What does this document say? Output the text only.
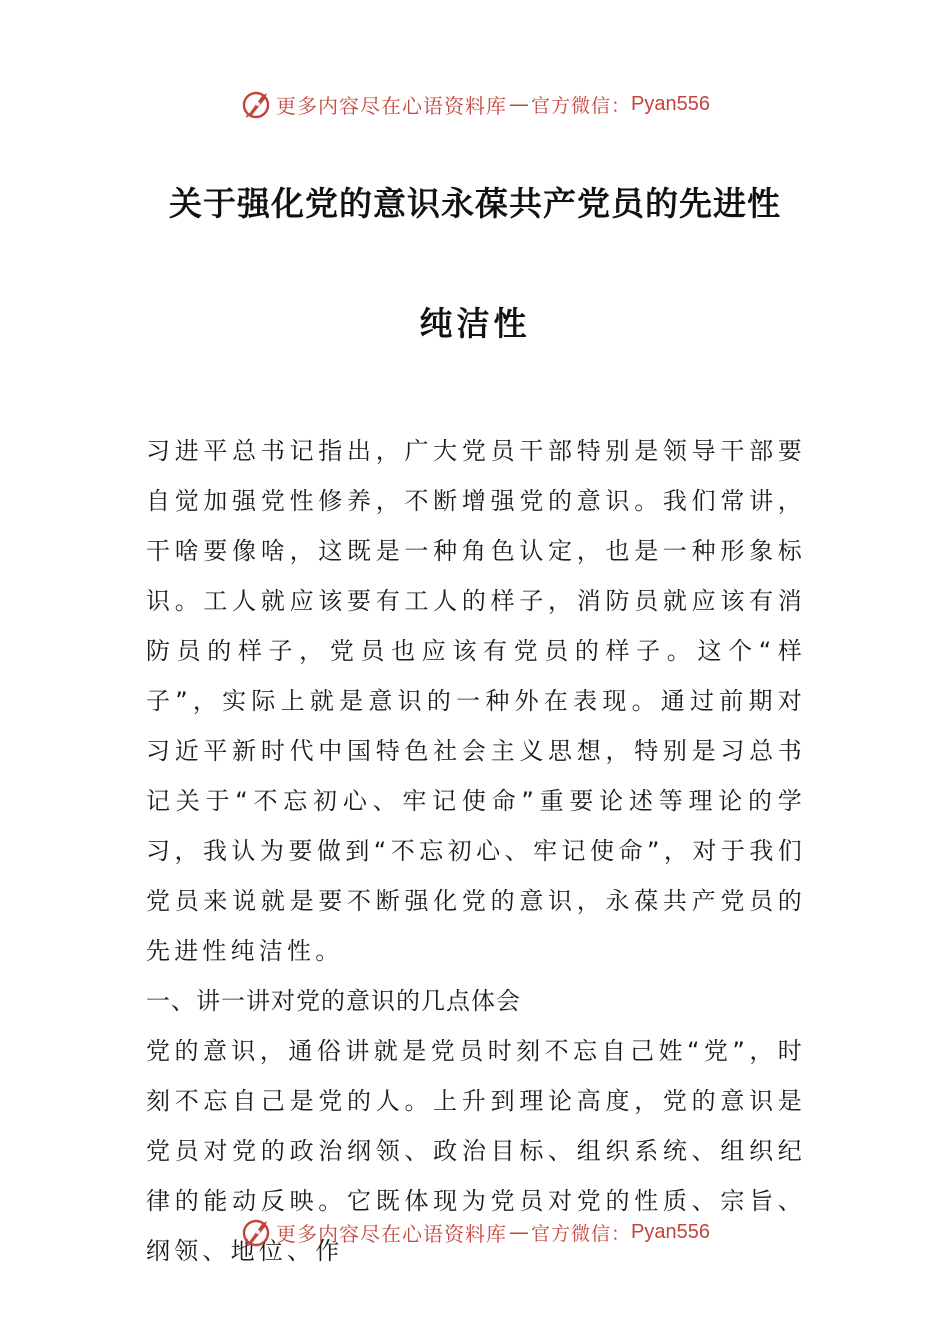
更多内容尽在心语资料库 — 官方微信： Pyan556
关于强化党的意识永葆共产党员的先进性
纯洁性

习进平总书记指出，广大党员干部特别是领导干部要自觉加强党性修养，不断增强党的意识。我们常讲，干啥要像啥，这既是一种角色认定，也是一种形象标识。工人就应该要有工人的样子，消防员就应该有消防员的样子，党员也应该有党员的样子。这个“样子”，实际上就是意识的一种外在表现。通过前期对习近平新时代中国特色社会主义思想，特别是习总书记关于“不忘初心、牢记使命”重要论述等理论的学习，我认为要做到“不忘初心、牢记使命”，对于我们党员来说就是要不断强化党的意识，永葆共产党员的先进性纯洁性。

一、讲一讲对党的意识的几点体会

党的意识，通俗讲就是党员时刻不忘自己姓“党”，时刻不忘自己是党的人。上升到理论高度，党的意识是党员对党的政治纲领、政治目标、组织系统、组织纪律的能动反映。它既体现为党员对党的性质、宗旨、纲领、地位、作

更多内容尽在心语资料库 — 官方微信： Pyan556
